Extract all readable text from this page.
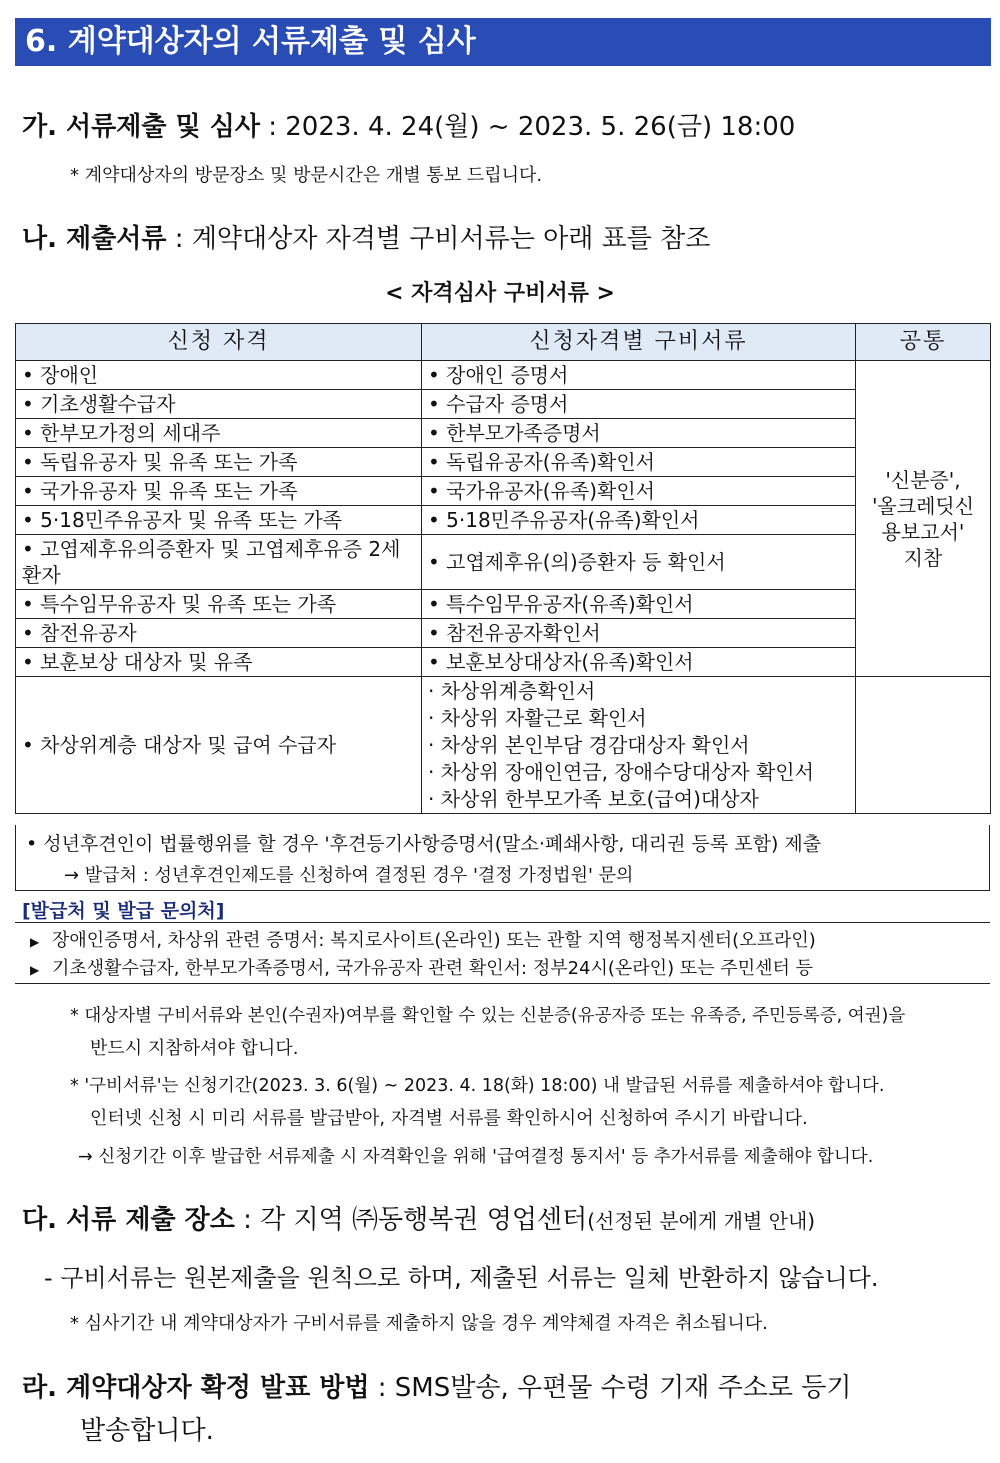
6. 계약대상자의 서류제출 및 심사
가. 서류제출 및 심사 : 2023. 4. 24(월) ~ 2023. 5. 26(금) 18:00
* 계약대상자의 방문장소 및 방문시간은 개별 통보 드립니다.
나. 제출서류 : 계약대상자 자격별 구비서류는 아래 표를 참조
< 자격심사 구비서류 >
신청 자격	신청자격별 구비서류	공통
• 장애인	• 장애인 증명서	'신분증',
'올크레딧신
용보고서'
지참

• 기초생활수급자	• 수급자 증명서	
• 한부모가정의 세대주	• 한부모가족증명서	
• 독립유공자 및 유족 또는 가족	• 독립유공자(유족)확인서	
• 국가유공자 및 유족 또는 가족	• 국가유공자(유족)확인서	
• 5·18민주유공자 및 유족 또는 가족	• 5·18민주유공자(유족)확인서	
• 고엽제후유의증환자 및 고엽제후유증 2세환자	• 고엽제후유(의)증환자 등 확인서	
• 특수임무유공자 및 유족 또는 가족	• 특수임무유공자(유족)확인서	
• 참전유공자	• 참전유공자확인서	
• 보훈보상 대상자 및 유족	• 보훈보상대상자(유족)확인서	
• 차상위계층 대상자 및 급여 수급자	· 차상위계층확인서
· 차상위 자활근로 확인서
· 차상위 본인부담 경감대상자 확인서
· 차상위 장애인연금, 장애수당대상자 확인서
· 차상위 한부모가족 보호(급여)대상자	

• 성년후견인이 법률행위를 할 경우 '후견등기사항증명서(말소·폐쇄사항, 대리권 등록 포함) 제출
→ 발급처 : 성년후견인제도를 신청하여 결정된 경우 '결정 가정법원' 문의
[발급처 및 발급 문의처]
▶ 장애인증명서, 차상위 관련 증명서: 복지로사이트(온라인) 또는 관할 지역 행정복지센터(오프라인)
▶ 기초생활수급자, 한부모가족증명서, 국가유공자 관련 확인서: 정부24시(온라인) 또는 주민센터 등
* 대상자별 구비서류와 본인(수권자)여부를 확인할 수 있는 신분증(유공자증 또는 유족증, 주민등록증, 여권)을
반드시 지참하셔야 합니다.
* '구비서류'는 신청기간(2023. 3. 6(월) ~ 2023. 4. 18(화) 18:00) 내 발급된 서류를 제출하셔야 합니다.
인터넷 신청 시 미리 서류를 발급받아, 자격별 서류를 확인하시어 신청하여 주시기 바랍니다.
→ 신청기간 이후 발급한 서류제출 시 자격확인을 위해 '급여결정 통지서' 등 추가서류를 제출해야 합니다.
다. 서류 제출 장소 : 각 지역 ㈜동행복권 영업센터(선정된 분에게 개별 안내)
- 구비서류는 원본제출을 원칙으로 하며, 제출된 서류는 일체 반환하지 않습니다.
* 심사기간 내 계약대상자가 구비서류를 제출하지 않을 경우 계약체결 자격은 취소됩니다.
라. 계약대상자 확정 발표 방법 : SMS발송, 우편물 수령 기재 주소로 등기
발송합니다.
